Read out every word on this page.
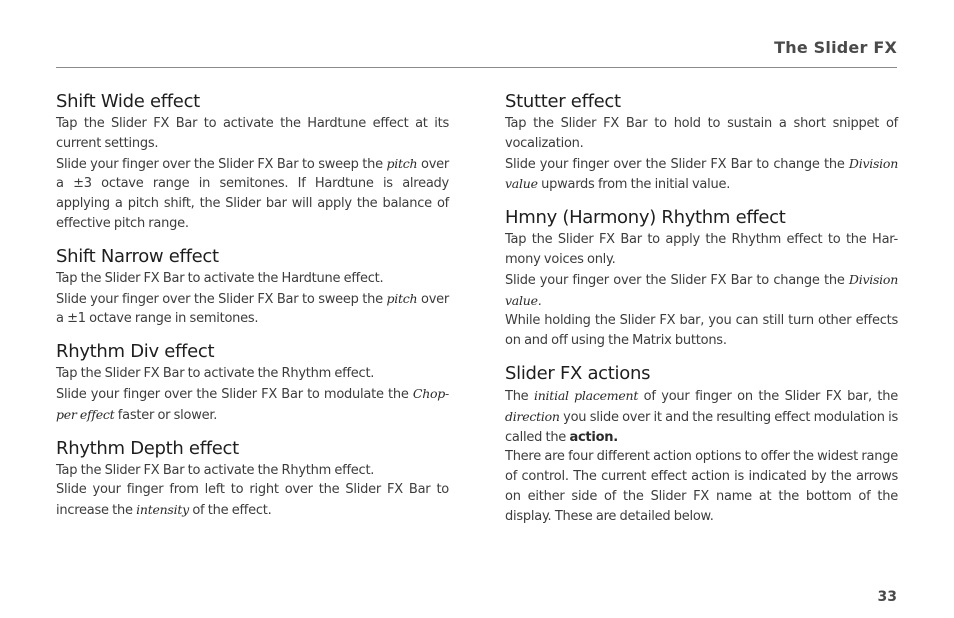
The Slider FX
Shift Wide effect

Tap the Slider FX Bar to activate the Hardtune effect at its current settings.

Slide your finger over the Slider FX Bar to sweep the pitch over a ±3 octave range in semitones. If Hardtune is already applying a pitch shift, the Slider bar will apply the balance of effective pitch range.

Shift Narrow effect

Tap the Slider FX Bar to activate the Hardtune effect.

Slide your finger over the Slider FX Bar to sweep the pitch over a ±1 octave range in semitones.

Rhythm Div effect

Tap the Slider FX Bar to activate the Rhythm effect.

Slide your finger over the Slider FX Bar to modulate the Chop-per effect faster or slower.

Rhythm Depth effect

Tap the Slider FX Bar to activate the Rhythm effect.

Slide your finger from left to right over the Slider FX Bar to increase the intensity of the effect.

Stutter effect

Tap the Slider FX Bar to hold to sustain a short snippet of vocalization.

Slide your finger over the Slider FX Bar to change the Division value upwards from the initial value.

Hmny (Harmony) Rhythm effect

Tap the Slider FX Bar to apply the Rhythm effect to the Har-mony voices only.

Slide your finger over the Slider FX Bar to change the Division value.

While holding the Slider FX bar, you can still turn other effects on and off using the Matrix buttons.

Slider FX actions

The initial placement of your finger on the Slider FX bar, the direction you slide over it and the resulting effect modulation is called the action.

There are four different action options to offer the widest range of control. The current effect action is indicated by the arrows on either side of the Slider FX name at the bottom of the display. These are detailed below.

33
